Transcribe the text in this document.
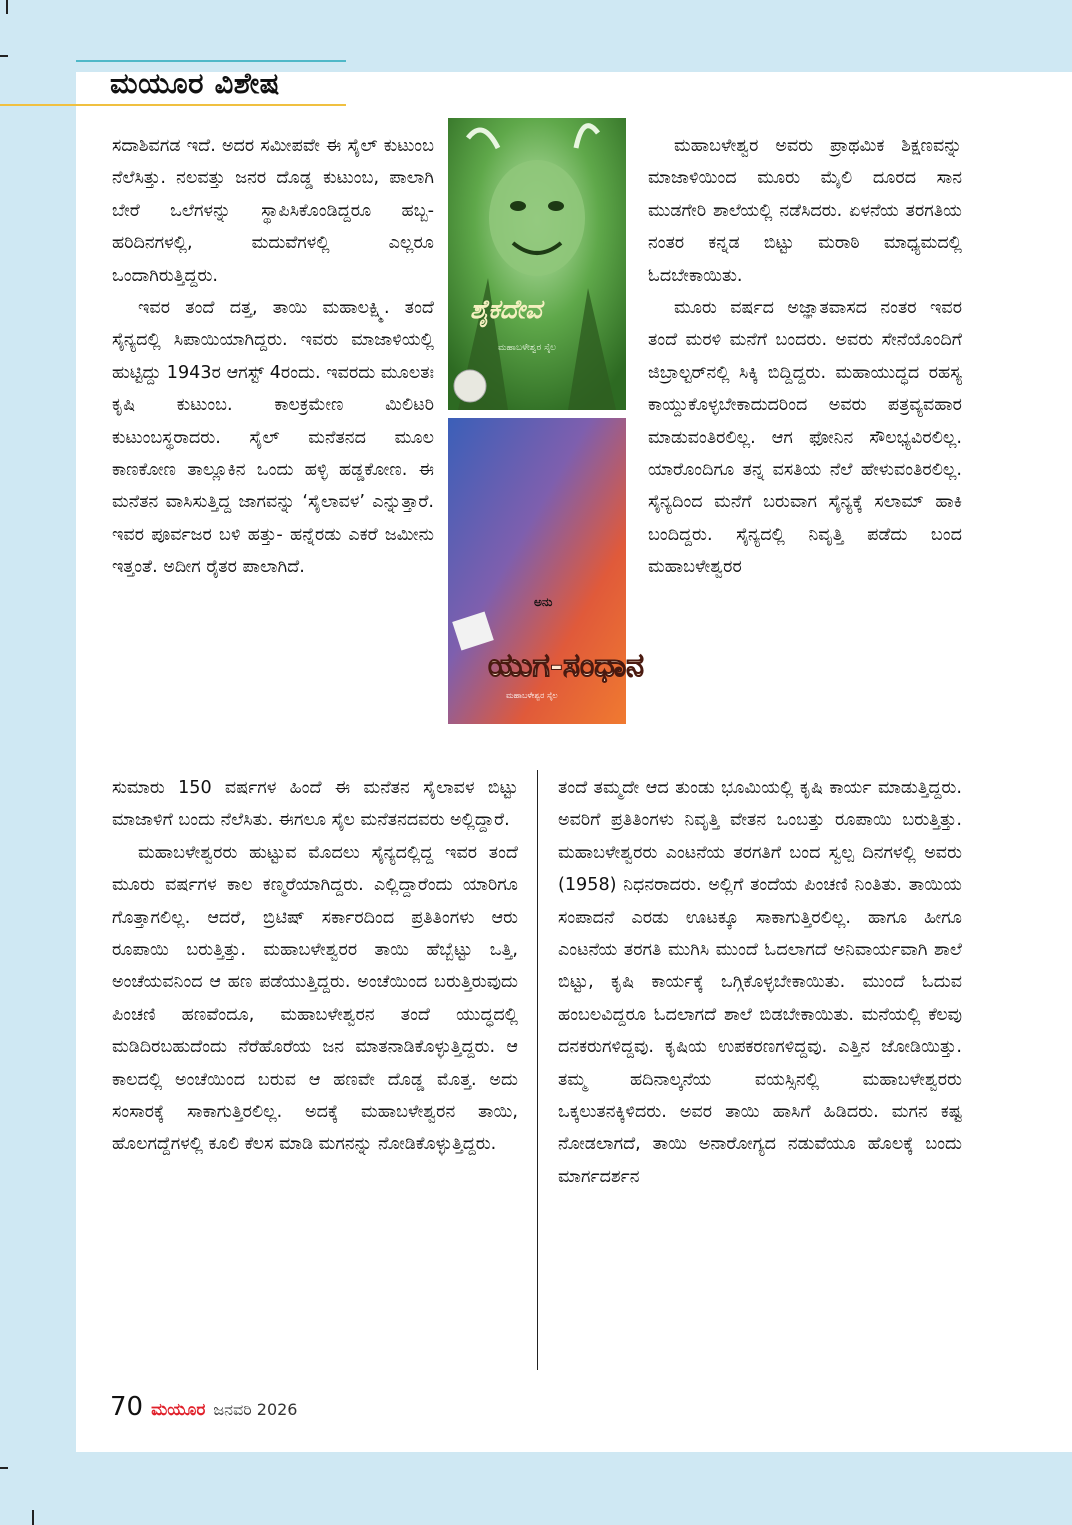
ಮಯೂರ ವಿಶೇಷ

ಸದಾಶಿವಗಡ ಇದೆ. ಅದರ ಸಮೀಪವೇ ಈ ಸೈಲ್ ಕುಟುಂಬ ನೆಲೆಸಿತ್ತು. ನಲವತ್ತು ಜನರ ದೊಡ್ಡ ಕುಟುಂಬ, ಪಾಲಾಗಿ ಬೇರೆ ಒಲೆಗಳನ್ನು ಸ್ಥಾಪಿಸಿಕೊಂಡಿದ್ದರೂ ಹಬ್ಬ-ಹರಿದಿನಗಳಲ್ಲಿ, ಮದುವೆಗಳಲ್ಲಿ ಎಲ್ಲರೂ ಒಂದಾಗಿರುತ್ತಿದ್ದರು.

ಇವರ ತಂದೆ ದತ್ತ, ತಾಯಿ ಮಹಾಲಕ್ಷ್ಮಿ. ತಂದೆ ಸೈನ್ಯದಲ್ಲಿ ಸಿಪಾಯಿಯಾಗಿದ್ದರು. ಇವರು ಮಾಜಾಳಿಯಲ್ಲಿ ಹುಟ್ಟಿದ್ದು 1943ರ ಆಗಸ್ಟ್ 4ರಂದು. ಇವರದು ಮೂಲತಃ ಕೃಷಿ ಕುಟುಂಬ. ಕಾಲಕ್ರಮೇಣ ಮಿಲಿಟರಿ ಕುಟುಂಬಸ್ಥರಾದರು. ಸೈಲ್ ಮನೆತನದ ಮೂಲ ಕಾಣಕೋಣ ತಾಲ್ಲೂಕಿನ ಒಂದು ಹಳ್ಳಿ ಹಡ್ಡಕೋಣ. ಈ ಮನೆತನ ವಾಸಿಸುತ್ತಿದ್ದ ಜಾಗವನ್ನು ‘ಸೈಲಾವಳ’ ಎನ್ನುತ್ತಾರೆ. ಇವರ ಪೂರ್ವಜರ ಬಳಿ ಹತ್ತು- ಹನ್ನೆರಡು ಎಕರೆ ಜಮೀನು ಇತ್ತಂತೆ. ಅದೀಗ ರೈತರ ಪಾಲಾಗಿದೆ.

ಸುಮಾರು 150 ವರ್ಷಗಳ ಹಿಂದೆ ಈ ಮನೆತನ ಸೈಲಾವಳ ಬಿಟ್ಟು ಮಾಜಾಳಿಗೆ ಬಂದು ನೆಲೆಸಿತು. ಈಗಲೂ ಸೈಲ ಮನೆತನದವರು ಅಲ್ಲಿದ್ದಾರೆ.

ಮಹಾಬಳೇಶ್ವರರು ಹುಟ್ಟುವ ಮೊದಲು ಸೈನ್ಯದಲ್ಲಿದ್ದ ಇವರ ತಂದೆ ಮೂರು ವರ್ಷಗಳ ಕಾಲ ಕಣ್ಮರೆಯಾಗಿದ್ದರು. ಎಲ್ಲಿದ್ದಾರೆಂದು ಯಾರಿಗೂ ಗೊತ್ತಾಗಲಿಲ್ಲ. ಆದರೆ, ಬ್ರಿಟಿಷ್ ಸರ್ಕಾರದಿಂದ ಪ್ರತಿತಿಂಗಳು ಆರು ರೂಪಾಯಿ ಬರುತ್ತಿತ್ತು. ಮಹಾಬಳೇಶ್ವರರ ತಾಯಿ ಹೆಬ್ಬೆಟ್ಟು ಒತ್ತಿ, ಅಂಚೆಯವನಿಂದ ಆ ಹಣ ಪಡೆಯುತ್ತಿದ್ದರು. ಅಂಚೆಯಿಂದ ಬರುತ್ತಿರುವುದು ಪಿಂಚಣಿ ಹಣವೆಂದೂ, ಮಹಾಬಳೇಶ್ವರನ ತಂದೆ ಯುದ್ಧದಲ್ಲಿ ಮಡಿದಿರಬಹುದೆಂದು ನೆರೆಹೊರೆಯ ಜನ ಮಾತನಾಡಿಕೊಳ್ಳುತ್ತಿದ್ದರು. ಆ ಕಾಲದಲ್ಲಿ ಅಂಚೆಯಿಂದ ಬರುವ ಆ ಹಣವೇ ದೊಡ್ಡ ಮೊತ್ತ. ಅದು ಸಂಸಾರಕ್ಕೆ ಸಾಕಾಗುತ್ತಿರಲಿಲ್ಲ. ಅದಕ್ಕೆ ಮಹಾಬಳೇಶ್ವರನ ತಾಯಿ, ಹೊಲಗದ್ದೆಗಳಲ್ಲಿ ಕೂಲಿ ಕೆಲಸ ಮಾಡಿ ಮಗನನ್ನು ನೋಡಿಕೊಳ್ಳುತ್ತಿದ್ದರು.

ಮಹಾಬಳೇಶ್ವರ ಅವರು ಪ್ರಾಥಮಿಕ ಶಿಕ್ಷಣವನ್ನು ಮಾಜಾಳಿಯಿಂದ ಮೂರು ಮೈಲಿ ದೂರದ ಸಾನ ಮುಡಗೇರಿ ಶಾಲೆಯಲ್ಲಿ ನಡೆಸಿದರು. ಏಳನೆಯ ತರಗತಿಯ ನಂತರ ಕನ್ನಡ ಬಿಟ್ಟು ಮರಾಠಿ ಮಾಧ್ಯಮದಲ್ಲಿ ಓದಬೇಕಾಯಿತು.

ಮೂರು ವರ್ಷದ ಅಜ್ಞಾತವಾಸದ ನಂತರ ಇವರ ತಂದೆ ಮರಳಿ ಮನೆಗೆ ಬಂದರು. ಅವರು ಸೇನೆಯೊಂದಿಗೆ ಜಿಬ್ರಾಲ್ಟರ್‌ನಲ್ಲಿ ಸಿಕ್ಕಿ ಬಿದ್ದಿದ್ದರು. ಮಹಾಯುದ್ಧದ ರಹಸ್ಯ ಕಾಯ್ದುಕೊಳ್ಳಬೇಕಾದುದರಿಂದ ಅವರು ಪತ್ರವ್ಯವಹಾರ ಮಾಡುವಂತಿರಲಿಲ್ಲ. ಆಗ ಫೋನಿನ ಸೌಲಭ್ಯವಿರಲಿಲ್ಲ. ಯಾರೊಂದಿಗೂ ತನ್ನ ವಸತಿಯ ನೆಲೆ ಹೇಳುವಂತಿರಲಿಲ್ಲ. ಸೈನ್ಯದಿಂದ ಮನೆಗೆ ಬರುವಾಗ ಸೈನ್ಯಕ್ಕೆ ಸಲಾಮ್ ಹಾಕಿ ಬಂದಿದ್ದರು. ಸೈನ್ಯದಲ್ಲಿ ನಿವೃತ್ತಿ ಪಡೆದು ಬಂದ ಮಹಾಬಳೇಶ್ವರರ

ತಂದೆ ತಮ್ಮದೇ ಆದ ತುಂಡು ಭೂಮಿಯಲ್ಲಿ ಕೃಷಿ ಕಾರ್ಯ ಮಾಡುತ್ತಿದ್ದರು. ಅವರಿಗೆ ಪ್ರತಿತಿಂಗಳು ನಿವೃತ್ತಿ ವೇತನ ಒಂಬತ್ತು ರೂಪಾಯಿ ಬರುತ್ತಿತ್ತು. ಮಹಾಬಳೇಶ್ವರರು ಎಂಟನೆಯ ತರಗತಿಗೆ ಬಂದ ಸ್ವಲ್ಪ ದಿನಗಳಲ್ಲಿ ಅವರು (1958) ನಿಧನರಾದರು. ಅಲ್ಲಿಗೆ ತಂದೆಯ ಪಿಂಚಣಿ ನಿಂತಿತು. ತಾಯಿಯ ಸಂಪಾದನೆ ಎರಡು ಊಟಕ್ಕೂ ಸಾಕಾಗುತ್ತಿರಲಿಲ್ಲ. ಹಾಗೂ ಹೀಗೂ ಎಂಟನೆಯ ತರಗತಿ ಮುಗಿಸಿ ಮುಂದೆ ಓದಲಾಗದೆ ಅನಿವಾರ್ಯವಾಗಿ ಶಾಲೆ ಬಿಟ್ಟು, ಕೃಷಿ ಕಾರ್ಯಕ್ಕೆ ಒಗ್ಗಿಕೊಳ್ಳಬೇಕಾಯಿತು. ಮುಂದೆ ಓದುವ ಹಂಬಲವಿದ್ದರೂ ಓದಲಾಗದೆ ಶಾಲೆ ಬಿಡಬೇಕಾಯಿತು. ಮನೆಯಲ್ಲಿ ಕೆಲವು ದನಕರುಗಳಿದ್ದವು. ಕೃಷಿಯ ಉಪಕರಣಗಳಿದ್ದವು. ಎತ್ತಿನ ಜೋಡಿಯಿತ್ತು. ತಮ್ಮ ಹದಿನಾಲ್ಕನೆಯ ವಯಸ್ಸಿನಲ್ಲಿ ಮಹಾಬಳೇಶ್ವರರು ಒಕ್ಕಲುತನಕ್ಕಿಳಿದರು. ಅವರ ತಾಯಿ ಹಾಸಿಗೆ ಹಿಡಿದರು. ಮಗನ ಕಷ್ಟ ನೋಡಲಾಗದೆ, ತಾಯಿ ಅನಾರೋಗ್ಯದ ನಡುವೆಯೂ ಹೊಲಕ್ಕೆ ಬಂದು ಮಾರ್ಗದರ್ಶನ

ಶೈಕದೇವ
ಮಹಾಬಳೇಶ್ವರ ಸೈಲ
ಅನು
ಯುಗ-ಸಂಧಾನ
ಮಹಾಬಳೇಶ್ವರ ಸೈಲ
70 ಮಯೂರ ಜನವರಿ 2026
